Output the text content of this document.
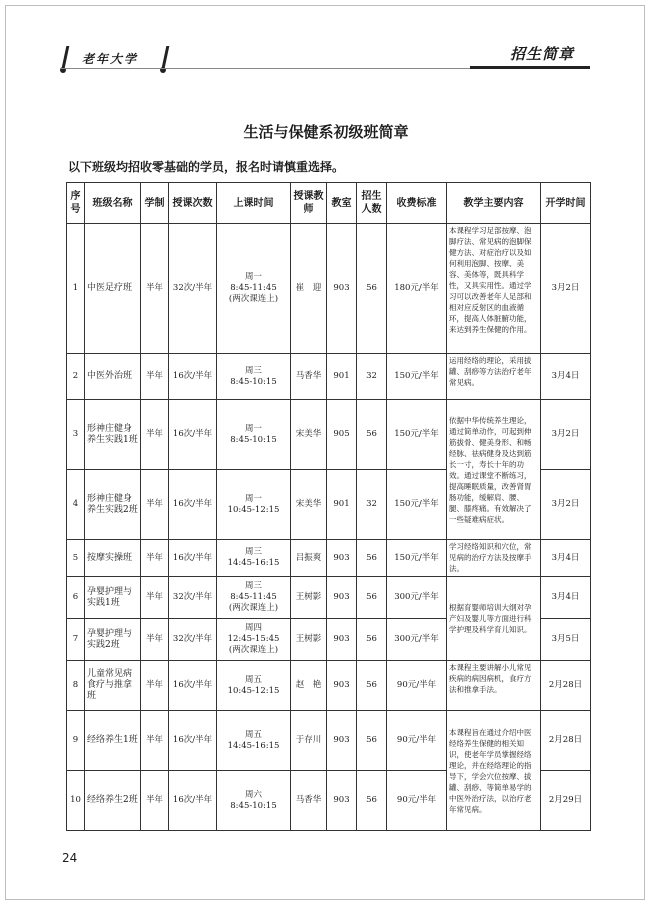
老年大学	招生简章
生活与保健系初级班简章
以下班级均招收零基础的学员，报名时请慎重选择。
序号	班级名称	学制	授课次数	上课时间	授课教师	教室	招生人数	收费标准	教学主要内容	开学时间
1	中医足疗班	半年	32次/半年	周一
8:45-11:45
(两次课连上)	崔　迎	903	56	180元/半年	本课程学习足部按摩、泡脚疗法、常见病的泡脚保健方法、对症治疗以及如何利用泡脚、按摩、美容、美体等，既具科学性，又具实用性。通过学习可以改善老年人足部和相对应反射区的血液循环，提高人体脏腑功能，来达到养生保健的作用。	3月2日
2	中医外治班	半年	16次/半年	周三
8:45-10:15	马香华	901	32	150元/半年	运用经络的理论，采用拔罐、刮痧等方法治疗老年常见病。	3月4日
3	形神庄健身养生实践1班	半年	16次/半年	周一
8:45-10:15	宋美华	905	56	150元/半年	依据中华传统养生理论，通过简单动作，可起到伸筋拔骨、健美身形、和畅经脉、祛病健身及达到筋长一寸，寿长十年的功效。通过课堂不断练习，提高睡眠质量，改善肾胃肠功能，缓解肩、腰、腿、膝疼痛。有效解决了一些疑难病症状。	3月2日
4	形神庄健身养生实践2班	半年	16次/半年	周一
10:45-12:15	宋美华	901	32	150元/半年		3月2日
5	按摩实操班	半年	16次/半年	周三
14:45-16:15	吕振爽	903	56	150元/半年	学习经络知识和穴位，常见病的治疗方法及按摩手法。	3月4日
6	孕婴护理与实践1班	半年	32次/半年	周三
8:45-11:45
(两次课连上)	王树影	903	56	300元/半年	根据育婴师培训大纲对孕产妇及婴儿等方面进行科学护理及科学育儿知识。	3月4日
7	孕婴护理与实践2班	半年	32次/半年	周四
12:45-15:45
(两次课连上)	王树影	903	56	300元/半年		3月5日
8	儿童常见病食疗与推拿班	半年	16次/半年	周五
10:45-12:15	赵　艳	903	56	90元/半年	本课程主要讲解小儿常见疾病的病因病机，食疗方法和推拿手法。	2月28日
9	经络养生1班	半年	16次/半年	周五
14:45-16:15	于存川	903	56	90元/半年	本课程旨在通过介绍中医经络养生保健的相关知识，使老年学员掌握经络理论，并在经络理论的指导下，学会穴位按摩、拔罐、刮痧、等简单易学的中医外治疗法，以治疗老年常见病。	2月28日
10	经络养生2班	半年	16次/半年	周六
8:45-10:15	马香华	903	56	90元/半年		2月29日
24
